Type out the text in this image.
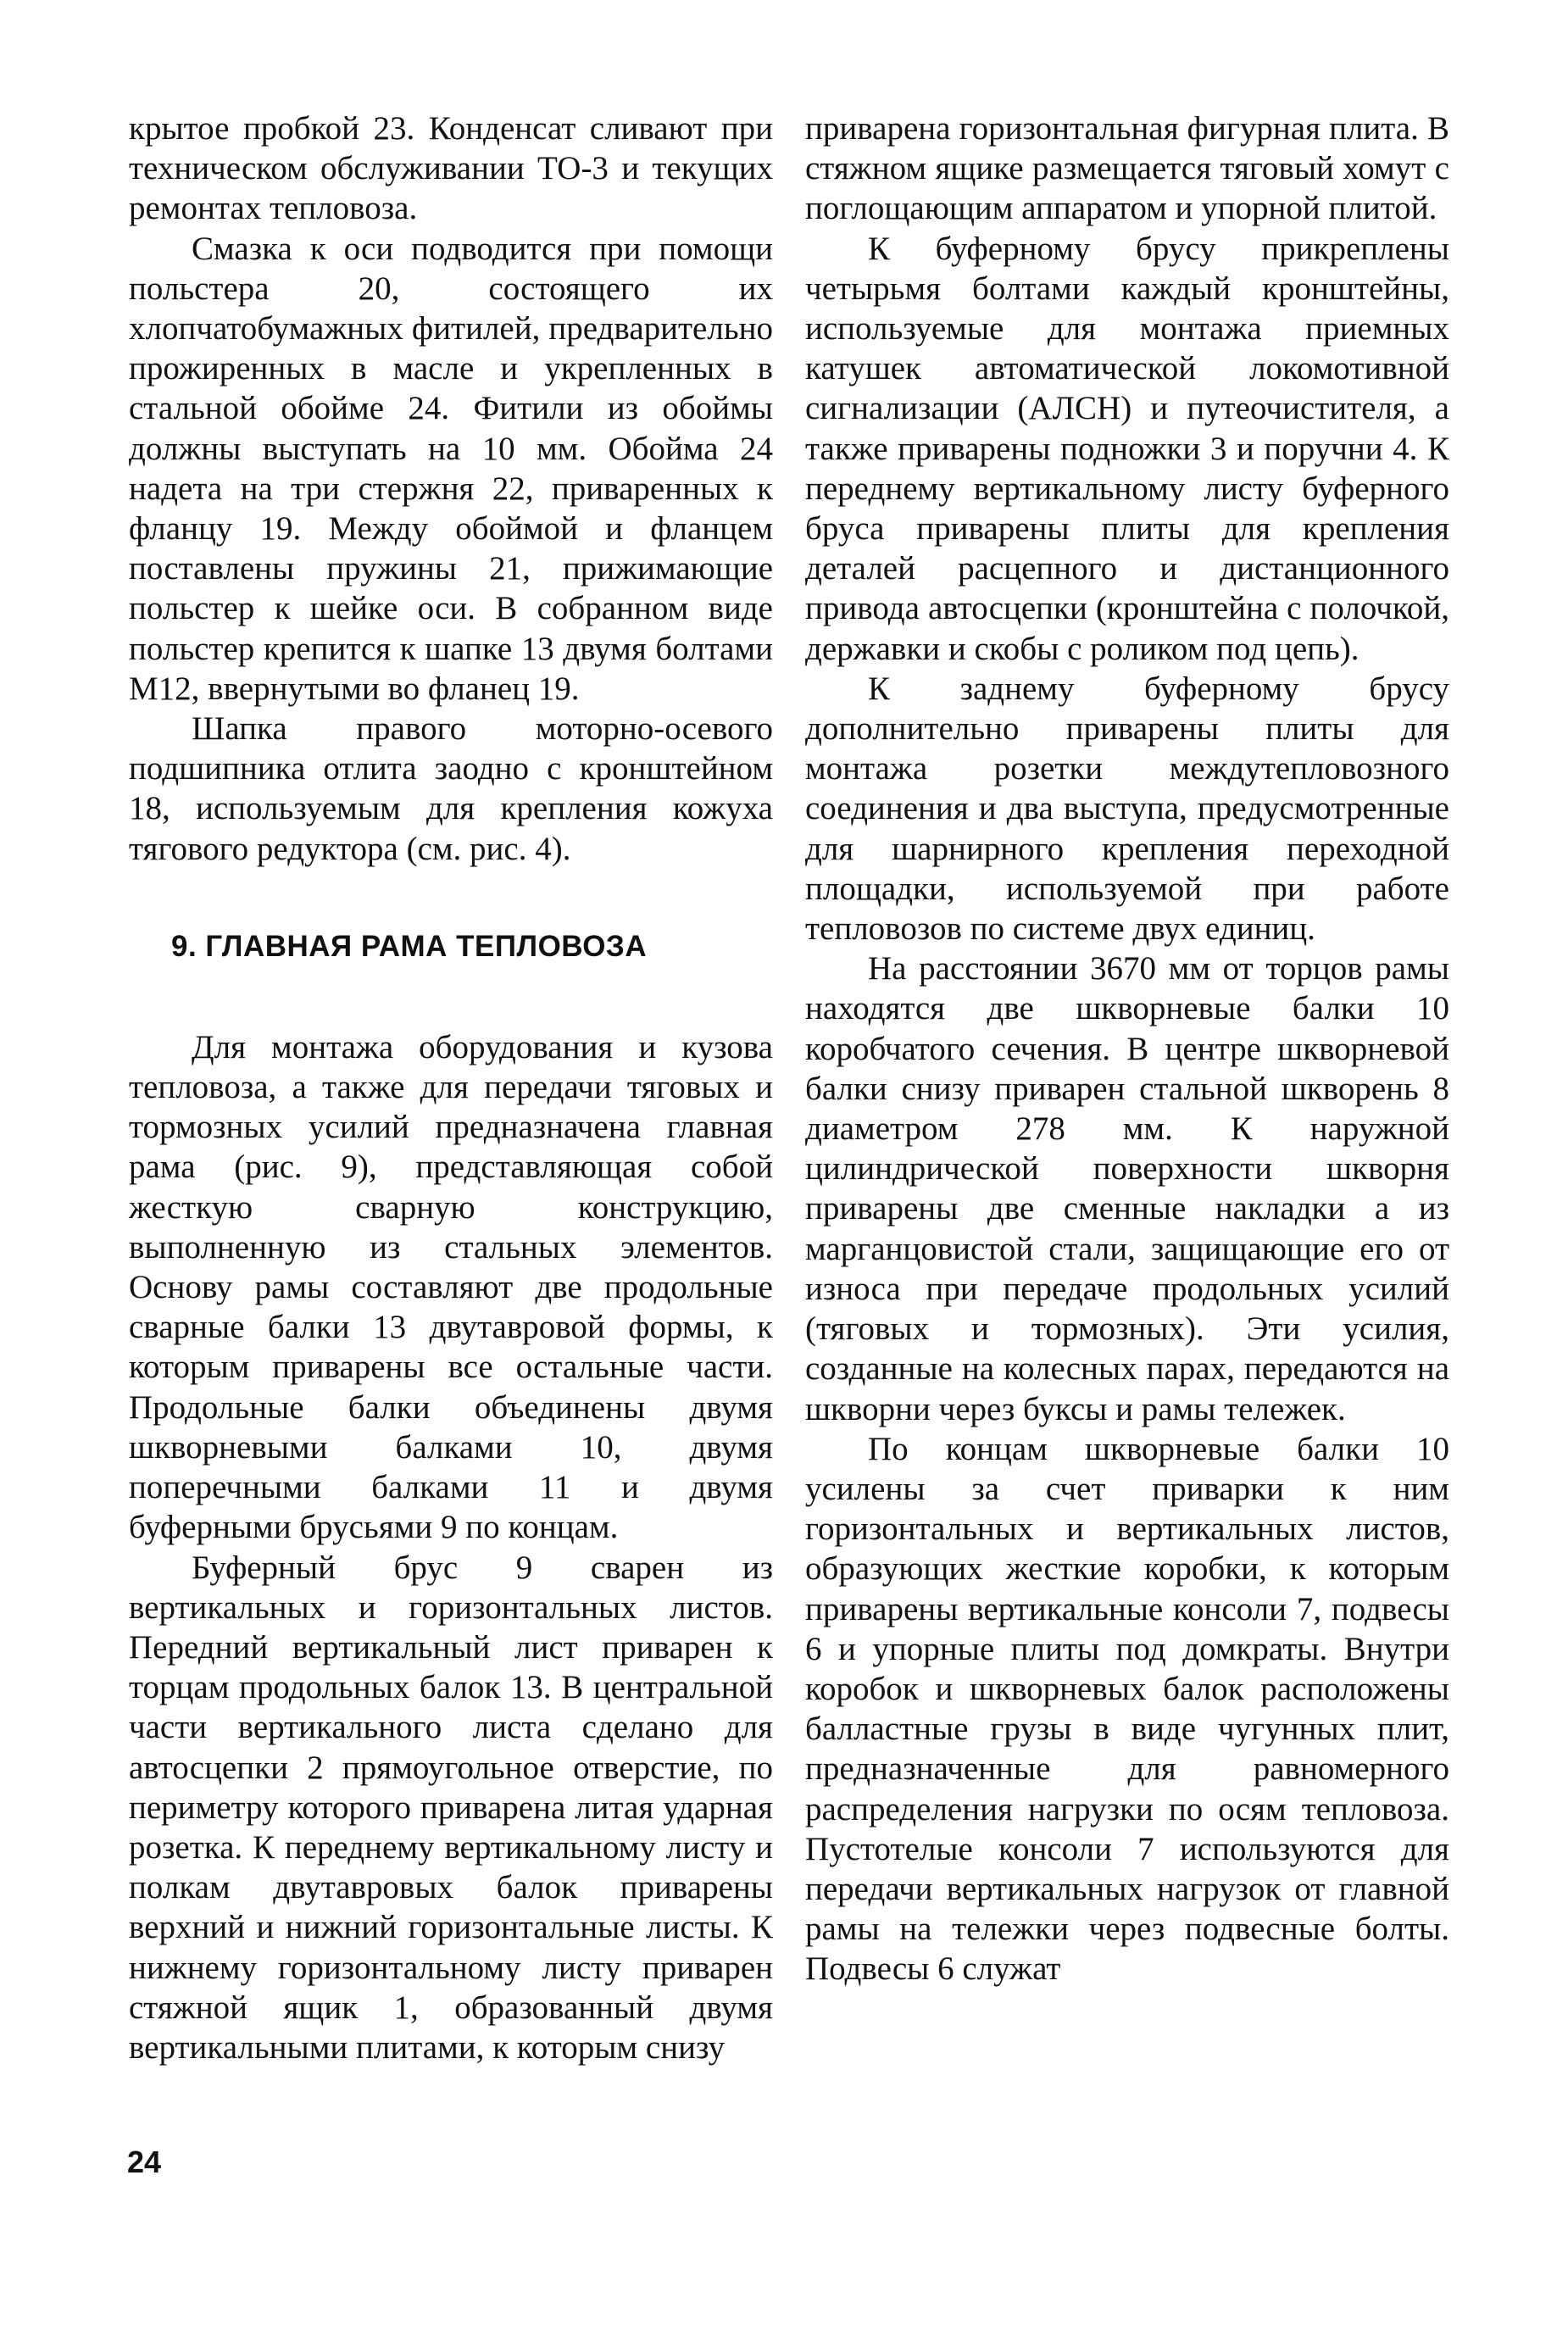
крытое пробкой 23. Конденсат сливают при техническом обслуживании ТО-3 и текущих ремонтах тепловоза.

Смазка к оси подводится при помощи польстера 20, состоящего их хлопчатобумажных фитилей, предварительно прожиренных в масле и укрепленных в стальной обойме 24. Фитили из обоймы должны выступать на 10 мм. Обойма 24 надета на три стержня 22, приваренных к фланцу 19. Между обоймой и фланцем поставлены пружины 21, прижимающие польстер к шейке оси. В собранном виде польстер крепится к шапке 13 двумя болтами М12, ввернутыми во фланец 19.

Шапка правого моторно-осевого подшипника отлита заодно с кронштейном 18, используемым для крепления кожуха тягового редуктора (см. рис. 4).

9. ГЛАВНАЯ РАМА ТЕПЛОВОЗА

Для монтажа оборудования и кузова тепловоза, а также для передачи тяговых и тормозных усилий предназначена главная рама (рис. 9), представляющая собой жесткую сварную конструкцию, выполненную из стальных элементов. Основу рамы составляют две продольные сварные балки 13 двутавровой формы, к которым приварены все остальные части. Продольные балки объединены двумя шкворневыми балками 10, двумя поперечными балками 11 и двумя буферными брусьями 9 по концам.

Буферный брус 9 сварен из вертикальных и горизонтальных листов. Передний вертикальный лист приварен к торцам продольных балок 13. В центральной части вертикального листа сделано для автосцепки 2 прямоугольное отверстие, по периметру которого приварена литая ударная розетка. К переднему вертикальному листу и полкам двутавровых балок приварены верхний и нижний горизонтальные листы. К нижнему горизонтальному листу приварен стяжной ящик 1, образованный двумя вертикальными плитами, к которым снизу

приварена горизонтальная фигурная плита. В стяжном ящике размещается тяговый хомут с поглощающим аппаратом и упорной плитой.

К буферному брусу прикреплены четырьмя болтами каждый кронштейны, используемые для монтажа приемных катушек автоматической локомотивной сигнализации (АЛСН) и путеочистителя, а также приварены подножки 3 и поручни 4. К переднему вертикальному листу буферного бруса приварены плиты для крепления деталей расцепного и дистанционного привода автосцепки (кронштейна с полочкой, державки и скобы с роликом под цепь).

К заднему буферному брусу дополнительно приварены плиты для монтажа розетки междутепловозного соединения и два выступа, предусмотренные для шарнирного крепления переходной площадки, используемой при работе тепловозов по системе двух единиц.

На расстоянии 3670 мм от торцов рамы находятся две шкворневые балки 10 коробчатого сечения. В центре шкворневой балки снизу приварен стальной шкворень 8 диаметром 278 мм. К наружной цилиндрической поверхности шкворня приварены две сменные накладки а из марганцовистой стали, защищающие его от износа при передаче продольных усилий (тяговых и тормозных). Эти усилия, созданные на колесных парах, передаются на шкворни через буксы и рамы тележек.

По концам шкворневые балки 10 усилены за счет приварки к ним горизонтальных и вертикальных листов, образующих жесткие коробки, к которым приварены вертикальные консоли 7, подвесы 6 и упорные плиты под домкраты. Внутри коробок и шкворневых балок расположены балластные грузы в виде чугунных плит, предназначенные для равномерного распределения нагрузки по осям тепловоза. Пустотелые консоли 7 используются для передачи вертикальных нагрузок от главной рамы на тележки через подвесные болты. Подвесы 6 служат

24
